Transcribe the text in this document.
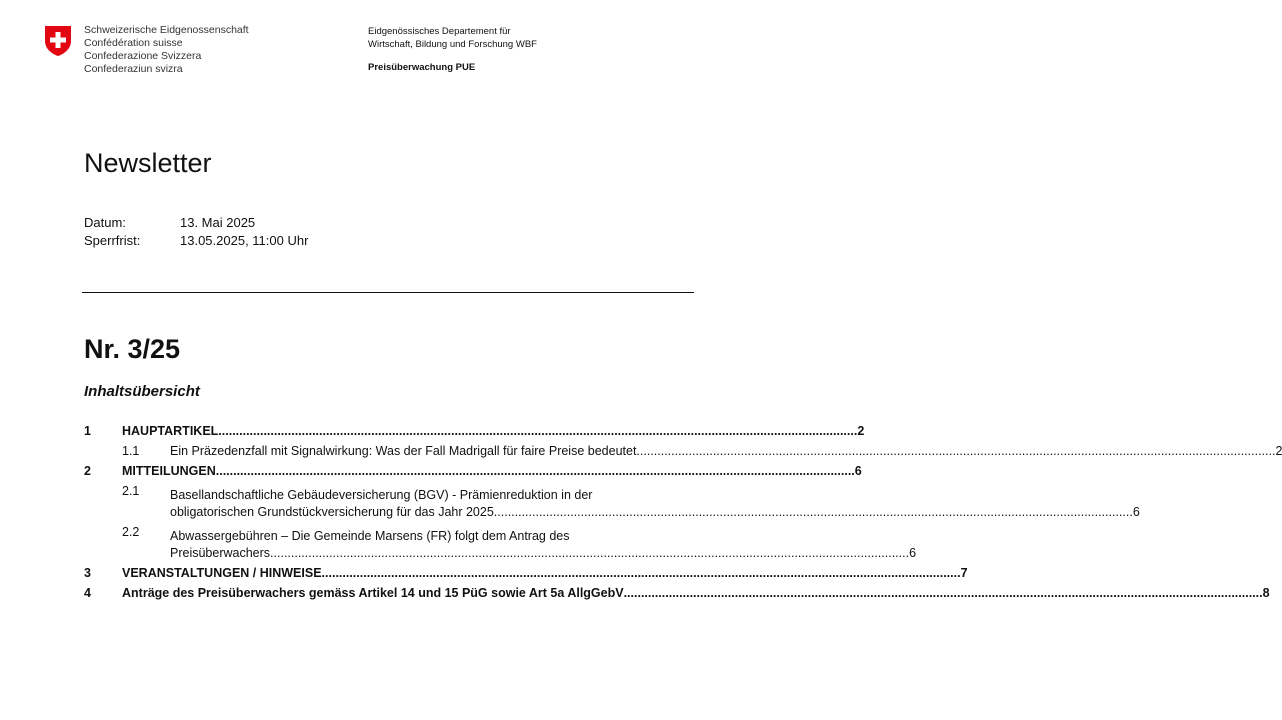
Schweizerische Eidgenossenschaft
Confédération suisse
Confederazione Svizzera
Confederaziun svizra
Eidgenössisches Departement für
Wirtschaft, Bildung und Forschung WBF
Preisüberwachung PUE
Newsletter
Datum:	13. Mai 2025
Sperrfrist:	13.05.2025, 11:00 Uhr
Nr. 3/25
Inhaltsübersicht
1	HAUPTARTIKEL .....	2
1.1	Ein Präzedenzfall mit Signalwirkung: Was der Fall Madrigall für faire Preise bedeutet .....	2
2	MITTEILUNGEN .....	6
2.1	Basellandschaftliche Gebäudeversicherung (BGV) - Prämienreduktion in der
obligatorischen Grundstückversicherung für das Jahr 2025 .....	6
2.2	Abwassergebühren – Die Gemeinde Marsens (FR) folgt dem Antrag des
Preisüberwachers .....	6
3	VERANSTALTUNGEN / HINWEISE .....	7
4	Anträge des Preisüberwachers gemäss Artikel 14 und 15 PüG sowie Art 5a AllgGebV .....	8
